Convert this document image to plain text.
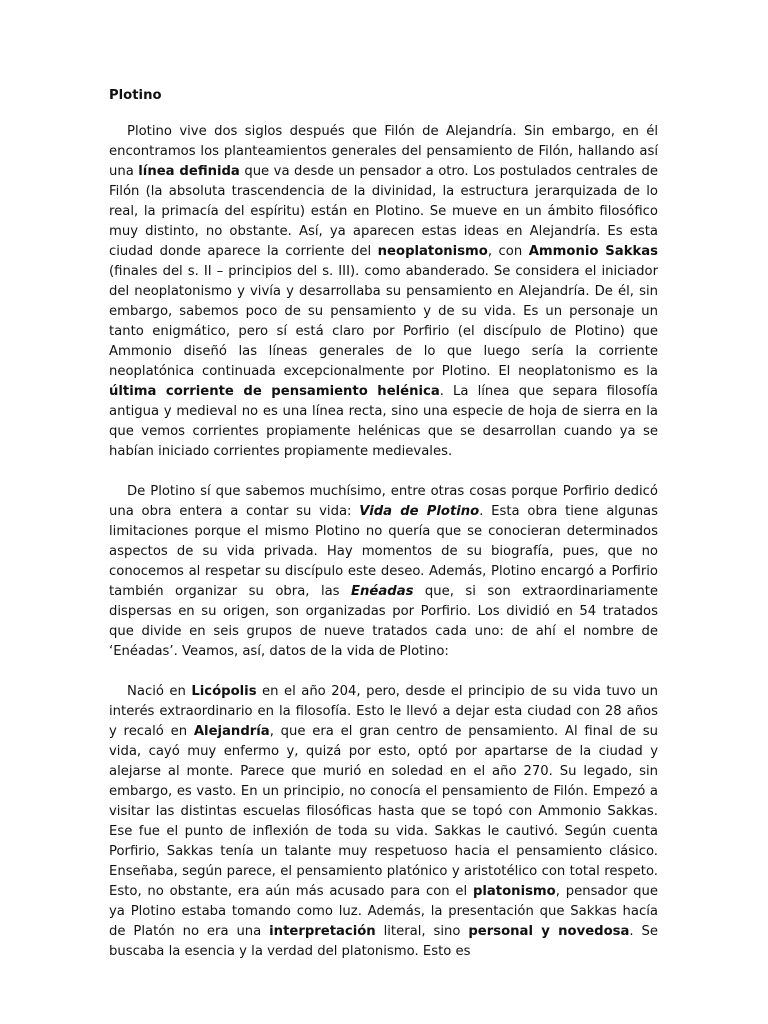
Plotino

Plotino vive dos siglos después que Filón de Alejandría. Sin embargo, en él encontramos los planteamientos generales del pensamiento de Filón, hallando así una línea definida que va desde un pensador a otro. Los postulados centrales de Filón (la absoluta trascendencia de la divinidad, la estructura jerarquizada de lo real, la primacía del espíritu) están en Plotino. Se mueve en un ámbito filosófico muy distinto, no obstante. Así, ya aparecen estas ideas en Alejandría. Es esta ciudad donde aparece la corriente del neoplatonismo, con Ammonio Sakkas (finales del s. II – principios del s. III). como abanderado. Se considera el iniciador del neoplatonismo y vivía y desarrollaba su pensamiento en Alejandría. De él, sin embargo, sabemos poco de su pensamiento y de su vida. Es un personaje un tanto enigmático, pero sí está claro por Porfirio (el discípulo de Plotino) que Ammonio diseñó las líneas generales de lo que luego sería la corriente neoplatónica continuada excepcionalmente por Plotino. El neoplatonismo es la última corriente de pensamiento helénica. La línea que separa filosofía antigua y medieval no es una línea recta, sino una especie de hoja de sierra en la que vemos corrientes propiamente helénicas que se desarrollan cuando ya se habían iniciado corrientes propiamente medievales.

De Plotino sí que sabemos muchísimo, entre otras cosas porque Porfirio dedicó una obra entera a contar su vida: Vida de Plotino. Esta obra tiene algunas limitaciones porque el mismo Plotino no quería que se conocieran determinados aspectos de su vida privada. Hay momentos de su biografía, pues, que no conocemos al respetar su discípulo este deseo. Además, Plotino encargó a Porfirio también organizar su obra, las Enéadas que, si son extraordinariamente dispersas en su origen, son organizadas por Porfirio. Los dividió en 54 tratados que divide en seis grupos de nueve tratados cada uno: de ahí el nombre de ‘Enéadas’. Veamos, así, datos de la vida de Plotino:

Nació en Licópolis en el año 204, pero, desde el principio de su vida tuvo un interés extraordinario en la filosofía. Esto le llevó a dejar esta ciudad con 28 años y recaló en Alejandría, que era el gran centro de pensamiento. Al final de su vida, cayó muy enfermo y, quizá por esto, optó por apartarse de la ciudad y alejarse al monte. Parece que murió en soledad en el año 270. Su legado, sin embargo, es vasto. En un principio, no conocía el pensamiento de Filón. Empezó a visitar las distintas escuelas filosóficas hasta que se topó con Ammonio Sakkas. Ese fue el punto de inflexión de toda su vida. Sakkas le cautivó. Según cuenta Porfirio, Sakkas tenía un talante muy respetuoso hacia el pensamiento clásico. Enseñaba, según parece, el pensamiento platónico y aristotélico con total respeto. Esto, no obstante, era aún más acusado para con el platonismo, pensador que ya Plotino estaba tomando como luz. Además, la presentación que Sakkas hacía de Platón no era una interpretación literal, sino personal y novedosa. Se buscaba la esencia y la verdad del platonismo. Esto es
